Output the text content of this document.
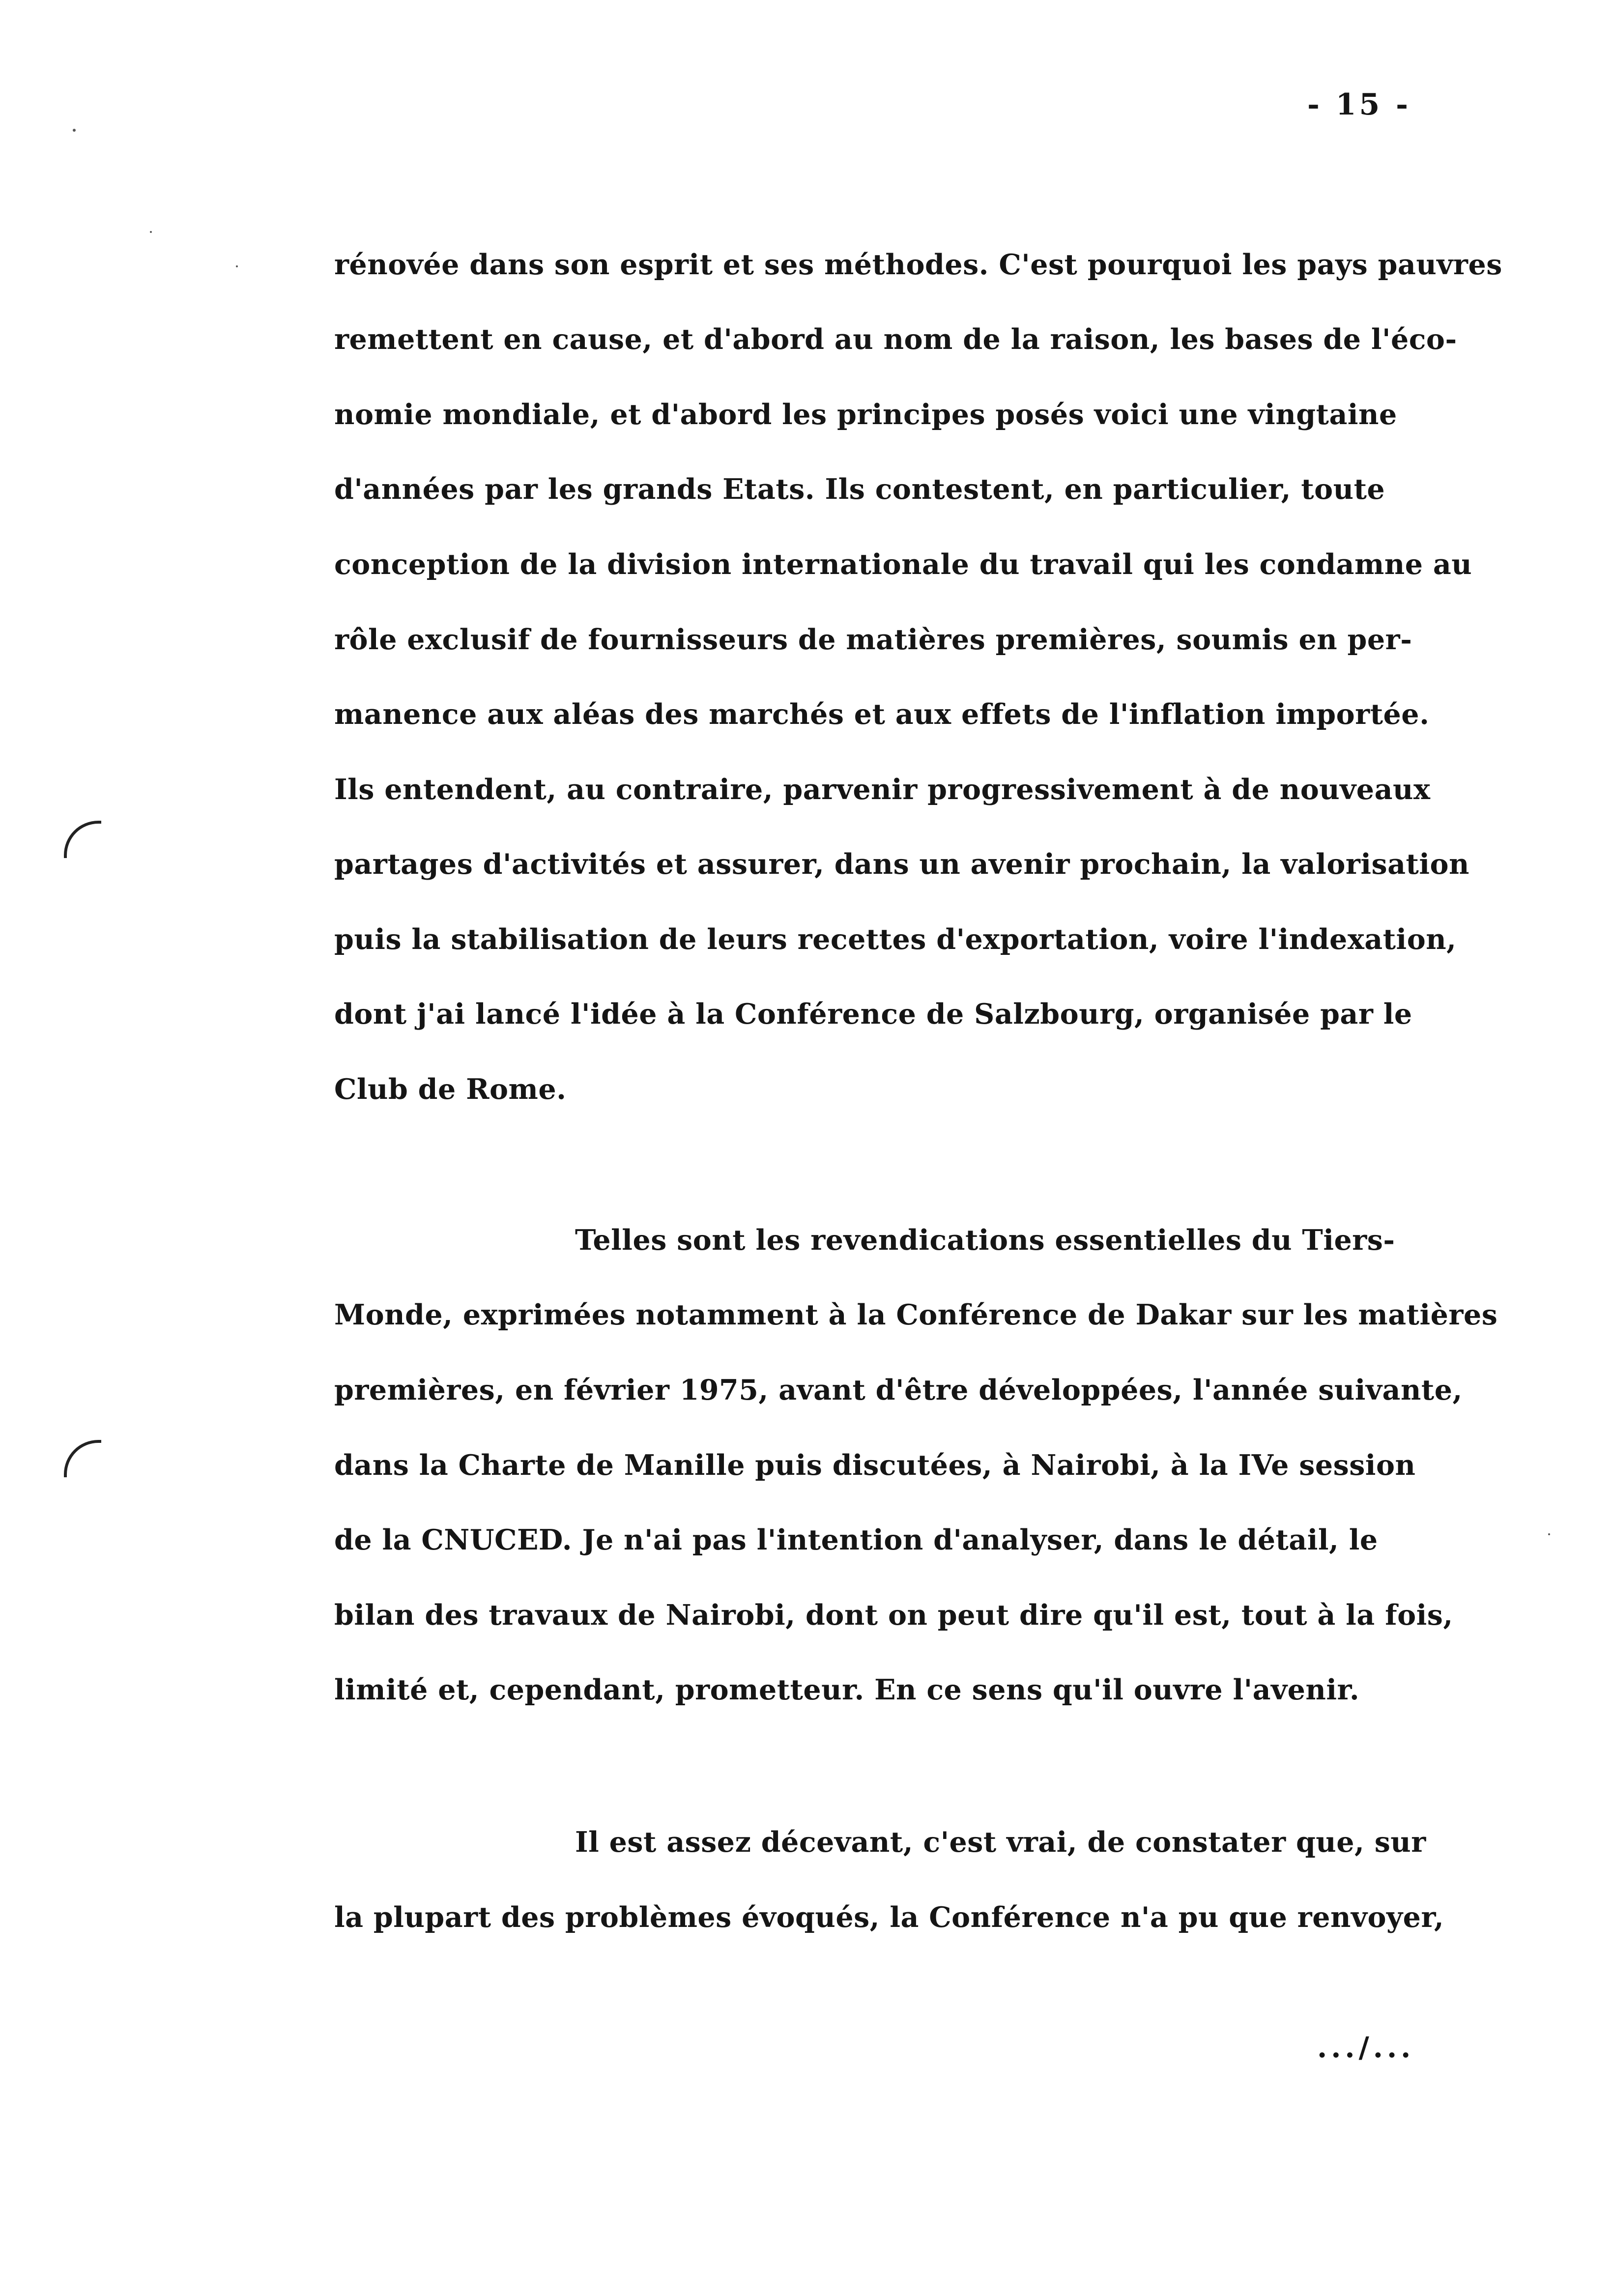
- 15 -
rénovée dans son esprit et ses méthodes. C'est pourquoi les pays pauvres
remettent en cause, et d'abord au nom de la raison, les bases de l'éco-
nomie mondiale, et d'abord les principes posés voici une vingtaine
d'années par les grands Etats. Ils contestent, en particulier, toute
conception de la division internationale du travail qui les condamne au
rôle exclusif de fournisseurs de matières premières, soumis en per-
manence aux aléas des marchés et aux effets de l'inflation importée.
Ils entendent, au contraire, parvenir progressivement à de nouveaux
partages d'activités et assurer, dans un avenir prochain, la valorisation
puis la stabilisation de leurs recettes d'exportation, voire l'indexation,
dont j'ai lancé l'idée à la Conférence de Salzbourg, organisée par le
Club de Rome.
Telles sont les revendications essentielles du Tiers-
Monde, exprimées notamment à la Conférence de Dakar sur les matières
premières, en février 1975, avant d'être développées, l'année suivante,
dans la Charte de Manille puis discutées, à Nairobi, à la IVe session
de la CNUCED. Je n'ai pas l'intention d'analyser, dans le détail, le
bilan des travaux de Nairobi, dont on peut dire qu'il est, tout à la fois,
limité et, cependant, prometteur. En ce sens qu'il ouvre l'avenir.
Il est assez décevant, c'est vrai, de constater que, sur
la plupart des problèmes évoqués, la Conférence n'a pu que renvoyer,
.../...
